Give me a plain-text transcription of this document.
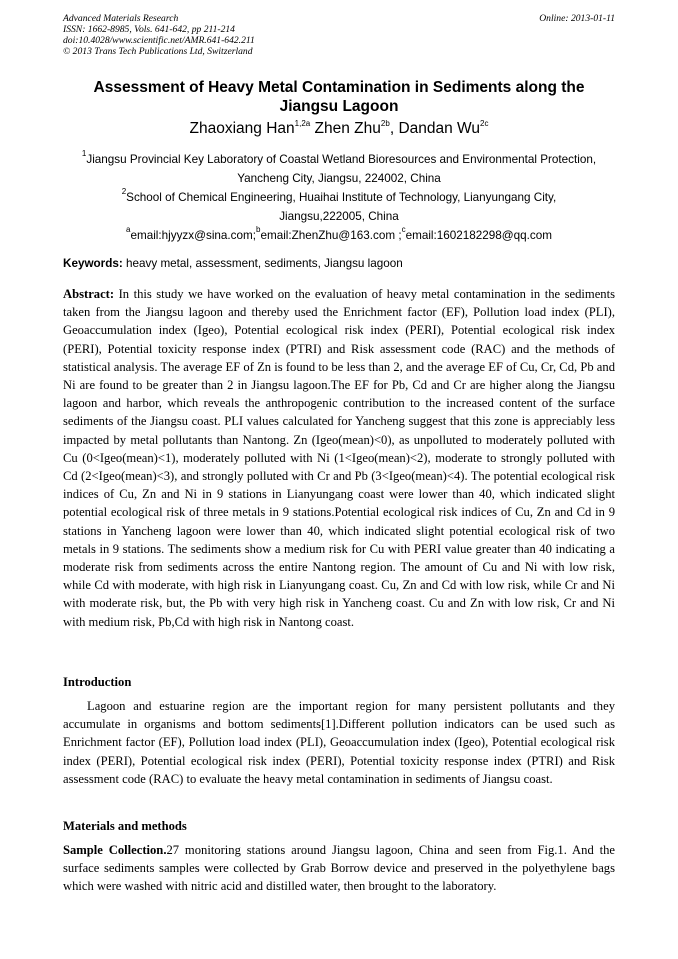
Advanced Materials Research
ISSN: 1662-8985, Vols. 641-642, pp 211-214
doi:10.4028/www.scientific.net/AMR.641-642.211
© 2013 Trans Tech Publications Ltd, Switzerland
Online: 2013-01-11
Assessment of Heavy Metal Contamination in Sediments along the
Jiangsu Lagoon
Zhaoxiang Han$^{1,2a}$ Zhen Zhu$^{2b}$, Dandan $Wu^{2c}$
$^1$Jiangsu Provincial Key Laboratory of Coastal Wetland Bioresources and Environmental Protection,
Yancheng City, Jiangsu, 224002, China
$^2$School of Chemical Engineering, Huaihai Institute of Technology, Lianyungang City,
Jiangsu,222005, China
$^a$email:hjyyzx@sina.com;$^b$email:ZhenZhu@163.com ;$^c$email:1602182298@qq.com
Keywords: heavy metal, assessment, sediments, Jiangsu lagoon
Abstract: In this study we have worked on the evaluation of heavy metal contamination in the sediments taken from the Jiangsu lagoon and thereby used the Enrichment factor (EF), Pollution load index (PLI), Geoaccumulation index (Igeo), Potential ecological risk index (PERI), Potential ecological risk index (PERI), Potential toxicity response index (PTRI) and Risk assessment code (RAC) and the methods of statistical analysis. The average EF of Zn is found to be less than 2, and the average EF of Cu, Cr, Cd, Pb and Ni are found to be greater than 2 in Jiangsu lagoon.The EF for Pb, Cd and Cr are higher along the Jiangsu lagoon and harbor, which reveals the anthropogenic contribution to the increased content of the surface sediments of the Jiangsu coast. PLI values calculated for Yancheng suggest that this zone is appreciably less impacted by metal pollutants than Nantong. Zn (Igeo(mean)<0), as unpolluted to moderately polluted with Cu (0<Igeo(mean)<1), moderately polluted with Ni (1<Igeo(mean)<2), moderate to strongly polluted with Cd (2<Igeo(mean)<3), and strongly polluted with Cr and Pb (3<Igeo(mean)<4). The potential ecological risk indices of Cu, Zn and Ni in 9 stations in Lianyungang coast were lower than 40, which indicated slight potential ecological risk of three metals in 9 stations.Potential ecological risk indices of Cu, Zn and Cd in 9 stations in Yancheng lagoon were lower than 40, which indicated slight potential ecological risk of two metals in 9 stations. The sediments show a medium risk for Cu with PERI value greater than 40 indicating a moderate risk from sediments across the entire Nantong region. The amount of Cu and Ni with low risk, while Cd with moderate, with high risk in Lianyungang coast. Cu, Zn and Cd with low risk, while Cr and Ni with moderate risk, but, the Pb with very high risk in Yancheng coast. Cu and Zn with low risk, Cr and Ni with medium risk, Pb,Cd with high risk in Nantong coast.
Introduction
Lagoon and estuarine region are the important region for many persistent pollutants and they accumulate in organisms and bottom sediments[1].Different pollution indicators can be used such as Enrichment factor (EF), Pollution load index (PLI), Geoaccumulation index (Igeo), Potential ecological risk index (PERI), Potential ecological risk index (PERI), Potential toxicity response index (PTRI) and Risk assessment code (RAC) to evaluate the heavy metal contamination in sediments of Jiangsu coast.
Materials and methods
Sample Collection.27 monitoring stations around Jiangsu lagoon, China and seen from Fig.1. And the surface sediments samples were collected by Grab Borrow device and preserved in the polyethylene bags which were washed with nitric acid and distilled water, then brought to the laboratory.
